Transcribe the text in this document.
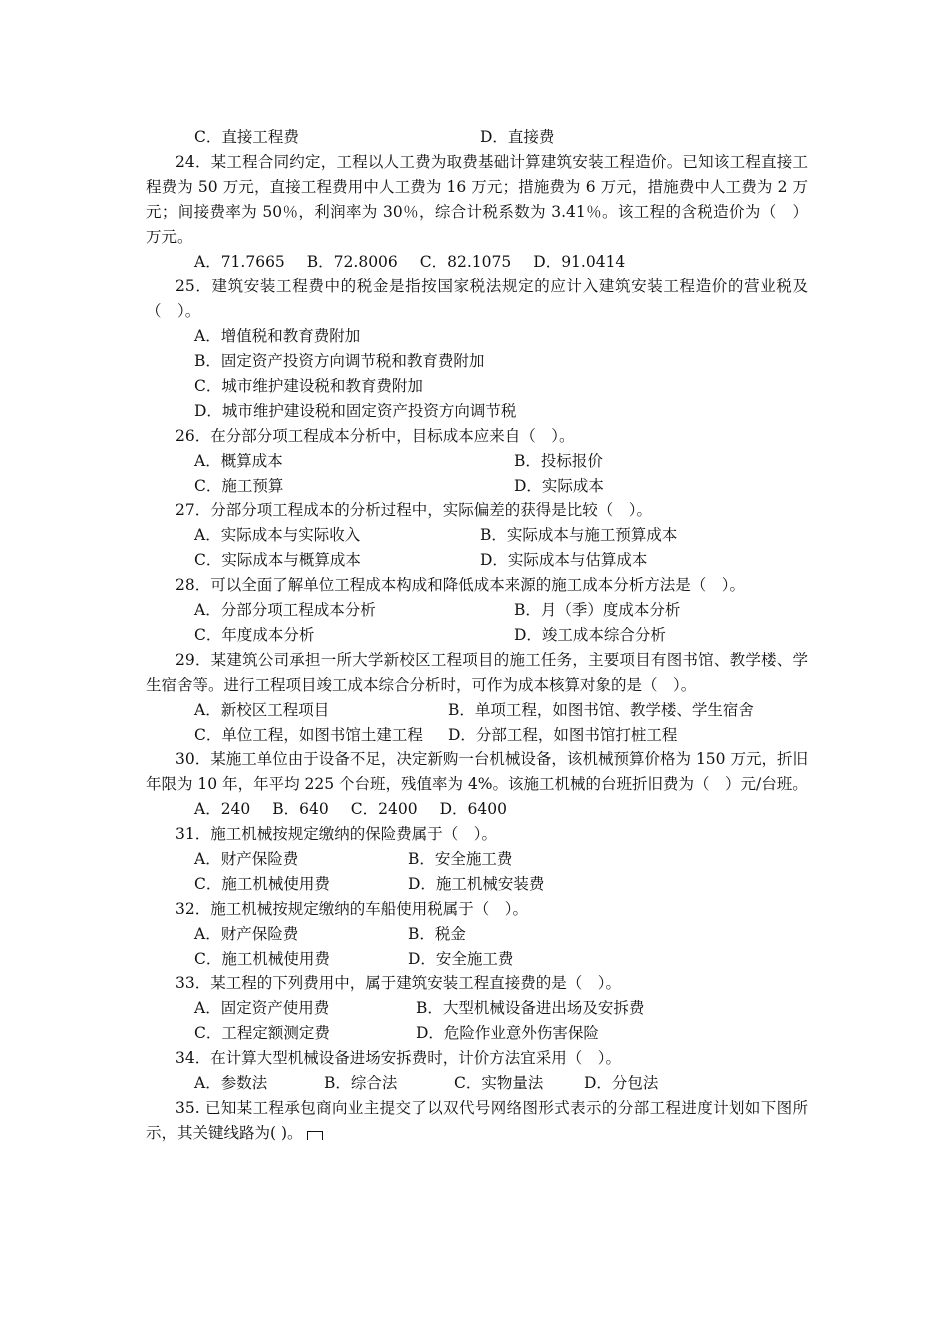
C．直接工程费	D．直接费
24．某工程合同约定，工程以人工费为取费基础计算建筑安装工程造价。已知该工程直接工程费为 50 万元，直接工程费用中人工费为 16 万元；措施费为 6 万元，措施费中人工费为 2 万元；间接费率为 50％，利润率为 30％，综合计税系数为 3.41％。该工程的含税造价为（　）万元。
A．71.7665 B．72.8006 C．82.1075 D．91.0414
25．建筑安装工程费中的税金是指按国家税法规定的应计入建筑安装工程造价的营业税及（　）。
A．增值税和教育费附加
B．固定资产投资方向调节税和教育费附加
C．城市维护建设税和教育费附加
D．城市维护建设税和固定资产投资方向调节税
26．在分部分项工程成本分析中，目标成本应来自（　）。
A．概算成本	B．投标报价
C．施工预算	D．实际成本
27．分部分项工程成本的分析过程中，实际偏差的获得是比较（　）。
A．实际成本与实际收入	B．实际成本与施工预算成本
C．实际成本与概算成本	D．实际成本与估算成本
28．可以全面了解单位工程成本构成和降低成本来源的施工成本分析方法是（　）。
A．分部分项工程成本分析	B．月（季）度成本分析
C．年度成本分析	D．竣工成本综合分析
29．某建筑公司承担一所大学新校区工程项目的施工任务，主要项目有图书馆、教学楼、学生宿舍等。进行工程项目竣工成本综合分析时，可作为成本核算对象的是（　）。
A．新校区工程项目	B．单项工程，如图书馆、教学楼、学生宿舍
C．单位工程，如图书馆土建工程 D．分部工程，如图书馆打桩工程
30．某施工单位由于设备不足，决定新购一台机械设备，该机械预算价格为 150 万元，折旧年限为 10 年，年平均 225 个台班，残值率为 4%。该施工机械的台班折旧费为（　）元/台班。
A．240 B．640 C．2400 D．6400
31．施工机械按规定缴纳的保险费属于（　）。
A．财产保险费	B．安全施工费
C．施工机械使用费	D．施工机械安装费
32．施工机械按规定缴纳的车船使用税属于（　）。
A．财产保险费	B．税金
C．施工机械使用费	D．安全施工费
33．某工程的下列费用中，属于建筑安装工程直接费的是（　）。
A．固定资产使用费	B．大型机械设备进出场及安拆费
C．工程定额测定费	D．危险作业意外伤害保险
34．在计算大型机械设备进场安拆费时，计价方法宜采用（　）。
A．参数法	B．综合法	C．实物量法	D．分包法
35. 已知某工程承包商向业主提交了以双代号网络图形式表示的分部工程进度计划如下图所示，其关键线路为( )。
